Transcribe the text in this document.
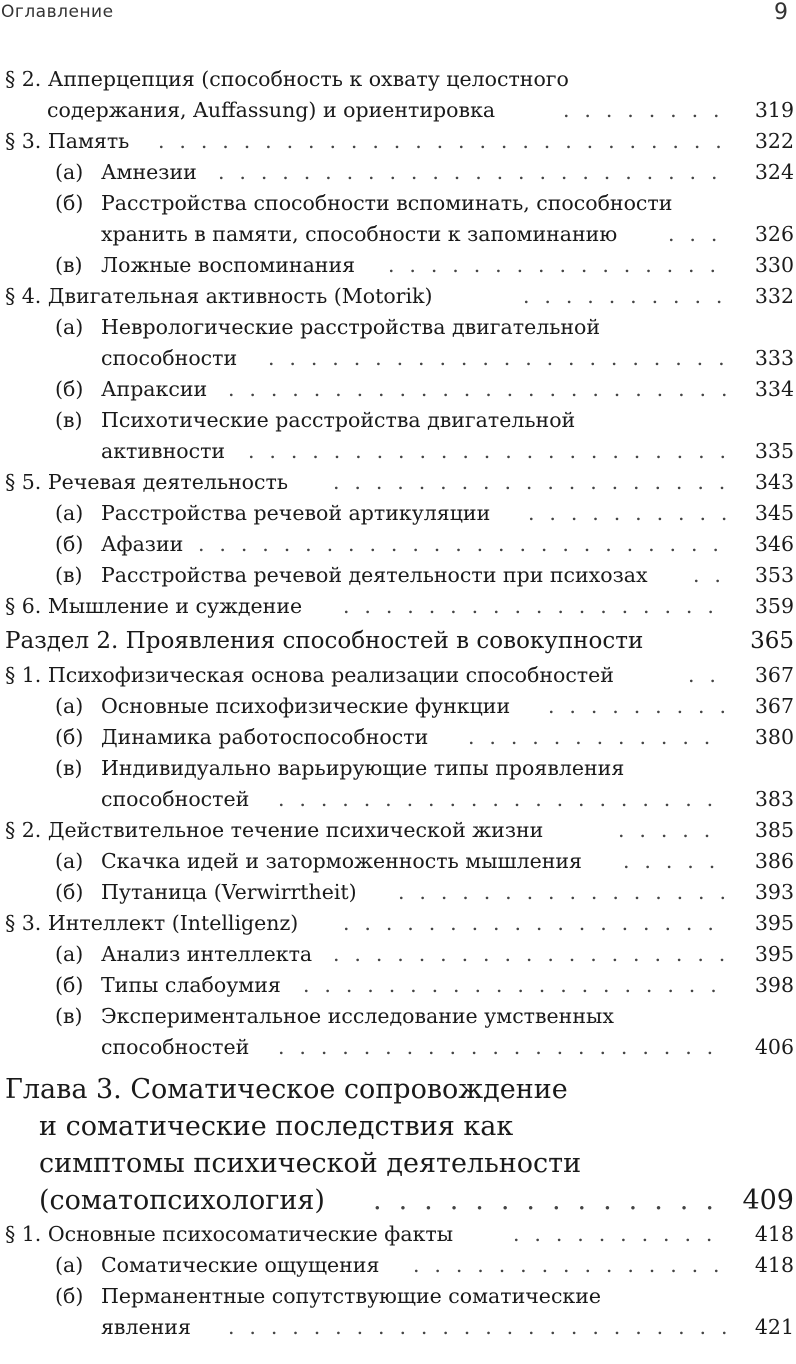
Оглавление	9
§ 2. Апперцепция (способность к охвату целостного
содержания, Auffassung) и ориентировка . . .	319
§ 3. Память . . .	322
(а) Амнезии . . .	324
(б) Расстройства способности вспоминать, способности
хранить в памяти, способности к запоминанию . . .	326
(в) Ложные воспоминания . . .	330
§ 4. Двигательная активность (Motorik) . . .	332
(а) Неврологические расстройства двигательной
способности . . .	333
(б) Апраксии . . .	334
(в) Психотические расстройства двигательной
активности . . .	335
§ 5. Речевая деятельность . . .	343
(а) Расстройства речевой артикуляции . . .	345
(б) Афазии . . .	346
(в) Расстройства речевой деятельности при психозах . . .	353
§ 6. Мышление и суждение . . .	359
Раздел 2. Проявления способностей в совокупности	365
§ 1. Психофизическая основа реализации способностей . . .	367
(а) Основные психофизические функции . . .	367
(б) Динамика работоспособности . . .	380
(в) Индивидуально варьирующие типы проявления
способностей . . .	383
§ 2. Действительное течение психической жизни . . .	385
(а) Скачка идей и заторможенность мышления . . .	386
(б) Путаница (Verwirrtheit) . . .	393
§ 3. Интеллект (Intelligenz) . . .	395
(а) Анализ интеллекта . . .	395
(б) Типы слабоумия . . .	398
(в) Экспериментальное исследование умственных
способностей . . .	406
Глава 3. Соматическое сопровождение
и соматические последствия как
симптомы психической деятельности
(соматопсихология) . . .	409
§ 1. Основные психосоматические факты . . .	418
(а) Соматические ощущения . . .	418
(б) Перманентные сопутствующие соматические
явления . . .	421
